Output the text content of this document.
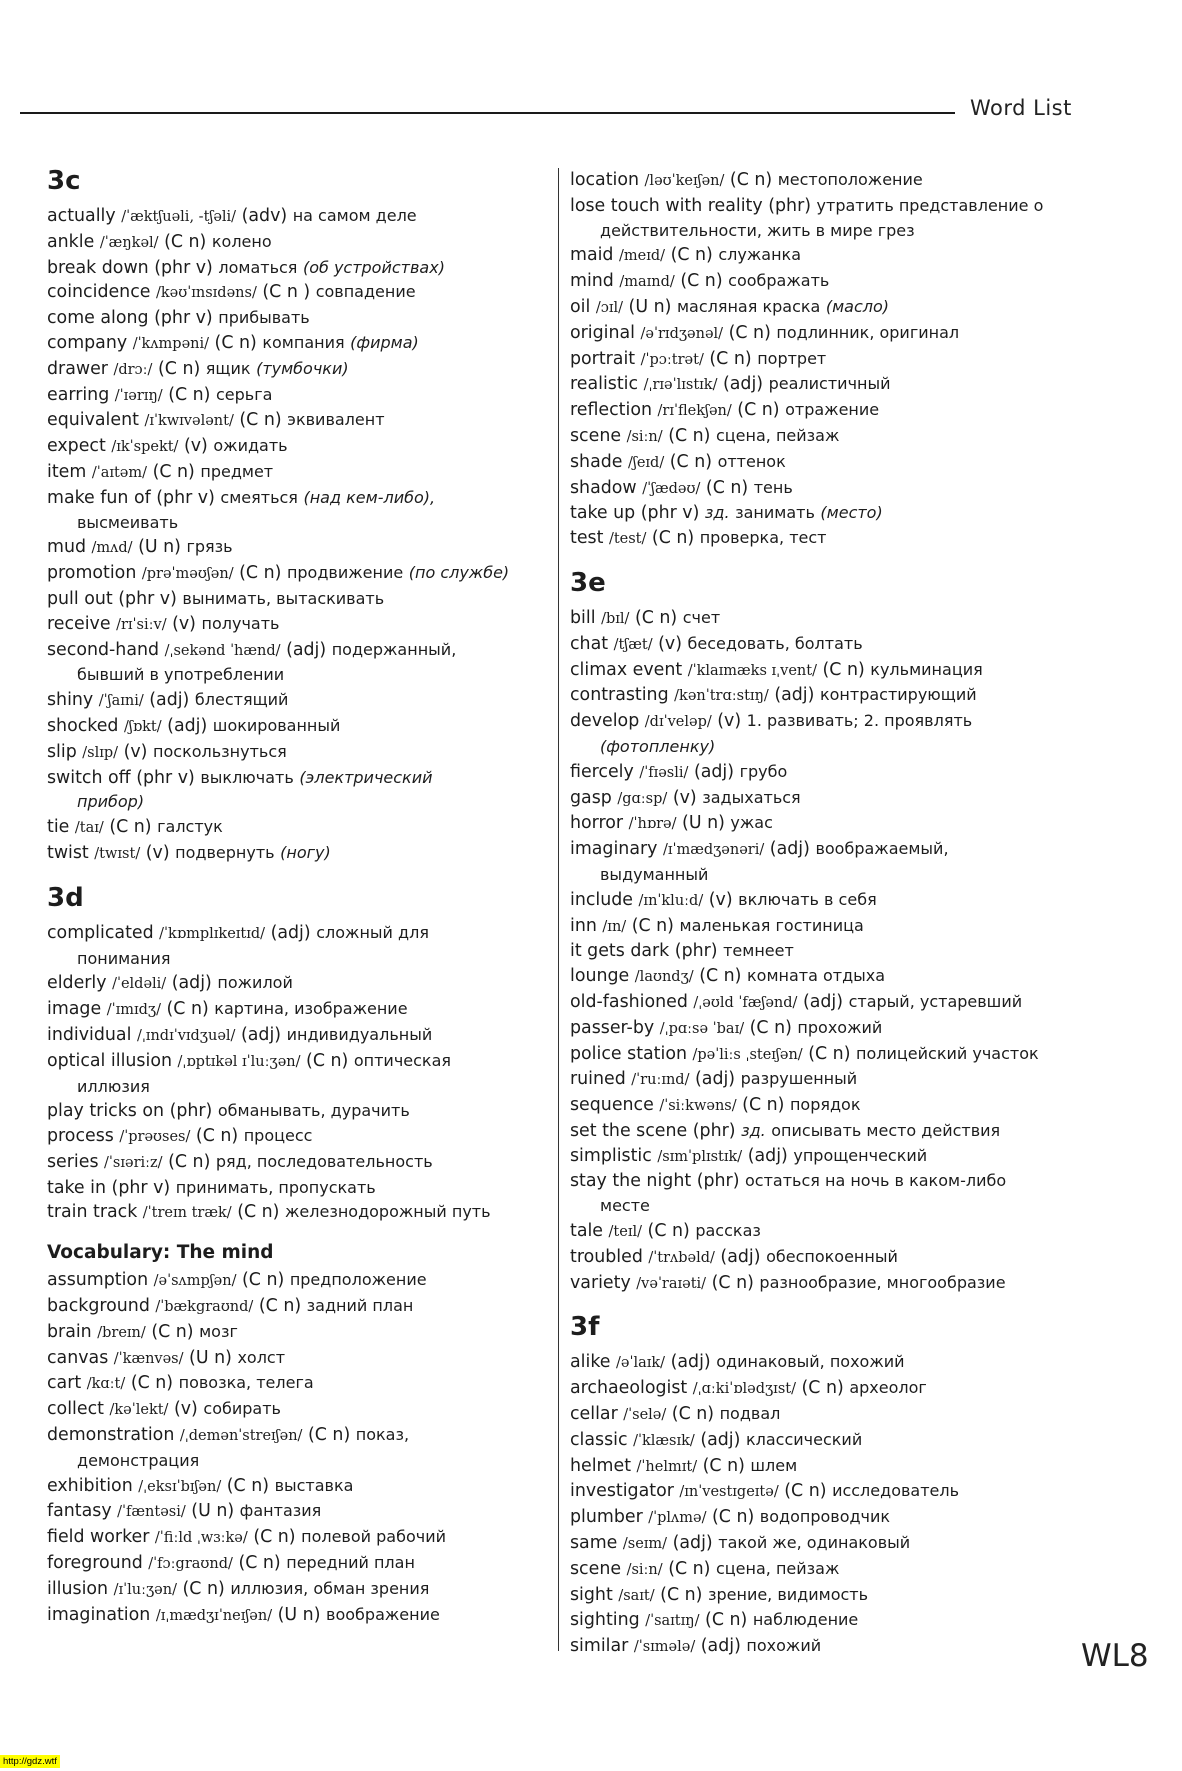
Word List
3c
actually /ˈæktʃuəli, -tʃəli/ (adv) на самом деле
ankle /ˈæŋkəl/ (C n) колено
break down (phr v) ломаться (об устройствах)
coincidence /kəʊˈɪnsɪdəns/ (C n ) совпадение
come along (phr v) прибывать
company /ˈkʌmpəni/ (C n) компания (фирма)
drawer /drɔː/ (C n) ящик (тумбочки)
earring /ˈɪərɪŋ/ (C n) серьга
equivalent /ɪˈkwɪvələnt/ (C n) эквивалент
expect /ɪkˈspekt/ (v) ожидать
item /ˈaɪtəm/ (C n) предмет
make fun of (phr v) смеяться (над кем-либо),
высмеивать
mud /mʌd/ (U n) грязь
promotion /prəˈməʊʃən/ (C n) продвижение (по службе)
pull out (phr v) вынимать, вытаскивать
receive /rɪˈsiːv/ (v) получать
second-hand /ˌsekənd ˈhænd/ (adj) подержанный,
бывший в употреблении
shiny /ˈʃaɪni/ (adj) блестящий
shocked /ʃɒkt/ (adj) шокированный
slip /slɪp/ (v) поскользнуться
switch off (phr v) выключать (электрический
прибор)
tie /taɪ/ (C n) галстук
twist /twɪst/ (v) подвернуть (ногу)
3d
complicated /ˈkɒmplɪkeɪtɪd/ (adj) сложный для
понимания
elderly /ˈeldəli/ (adj) пожилой
image /ˈɪmɪdʒ/ (C n) картина, изображение
individual /ˌɪndɪˈvɪdʒuəl/ (adj) индивидуальный
optical illusion /ˌɒptɪkəl ɪˈluːʒən/ (C n) оптическая
иллюзия
play tricks on (phr) обманывать, дурачить
process /ˈprəʊses/ (C n) процесс
series /ˈsɪəriːz/ (C n) ряд, последовательность
take in (phr v) принимать, пропускать
train track /ˈtreɪn træk/ (C n) железнодорожный путь
Vocabulary: The mind
assumption /əˈsʌmpʃən/ (C n) предположение
background /ˈbækgraʊnd/ (C n) задний план
brain /breɪn/ (C n) мозг
canvas /ˈkænvəs/ (U n) холст
cart /kɑːt/ (C n) повозка, телега
collect /kəˈlekt/ (v) собирать
demonstration /ˌdemənˈstreɪʃən/ (C n) показ,
демонстрация
exhibition /ˌeksɪˈbɪʃən/ (C n) выставка
fantasy /ˈfæntəsi/ (U n) фантазия
field worker /ˈfiːld ˌwɜːkə/ (C n) полевой рабочий
foreground /ˈfɔːgraʊnd/ (C n) передний план
illusion /ɪˈluːʒən/ (C n) иллюзия, обман зрения
imagination /ɪˌmædʒɪˈneɪʃən/ (U n) воображение
location /ləʊˈkeɪʃən/ (C n) местоположение
lose touch with reality (phr) утратить представление о
действительности, жить в мире грез
maid /meɪd/ (C n) служанка
mind /maɪnd/ (C n) соображать
oil /ɔɪl/ (U n) масляная краска (масло)
original /əˈrɪdʒənəl/ (C n) подлинник, оригинал
portrait /ˈpɔːtrət/ (C n) портрет
realistic /ˌrɪəˈlɪstɪk/ (adj) реалистичный
reflection /rɪˈflekʃən/ (C n) отражение
scene /siːn/ (C n) сцена, пейзаж
shade /ʃeɪd/ (C n) оттенок
shadow /ˈʃædəʊ/ (C n) тень
take up (phr v) зд. занимать (место)
test /test/ (C n) проверка, тест
3e
bill /bɪl/ (C n) счет
chat /tʃæt/ (v) беседовать, болтать
climax event /ˈklaɪmæks ɪˌvent/ (C n) кульминация
contrasting /kənˈtrɑːstɪŋ/ (adj) контрастирующий
develop /dɪˈveləp/ (v) 1. развивать; 2. проявлять
(фотопленку)
fiercely /ˈfɪəsli/ (adj) грубо
gasp /gɑːsp/ (v) задыхаться
horror /ˈhɒrə/ (U n) ужас
imaginary /ɪˈmædʒənəri/ (adj) воображаемый,
выдуманный
include /ɪnˈkluːd/ (v) включать в себя
inn /ɪn/ (C n) маленькая гостиница
it gets dark (phr) темнеет
lounge /laʊndʒ/ (C n) комната отдыха
old-fashioned /ˌəʊld ˈfæʃənd/ (adj) старый, устаревший
passer-by /ˌpɑːsə ˈbaɪ/ (C n) прохожий
police station /pəˈliːs ˌsteɪʃən/ (C n) полицейский участок
ruined /ˈruːɪnd/ (adj) разрушенный
sequence /ˈsiːkwəns/ (C n) порядок
set the scene (phr) зд. описывать место действия
simplistic /sɪmˈplɪstɪk/ (adj) упрощенческий
stay the night (phr) остаться на ночь в каком-либо
месте
tale /teɪl/ (C n) рассказ
troubled /ˈtrʌbəld/ (adj) обеспокоенный
variety /vəˈraɪəti/ (C n) разнообразие, многообразие
3f
alike /əˈlaɪk/ (adj) одинаковый, похожий
archaeologist /ˌɑːkiˈɒlədʒɪst/ (C n) археолог
cellar /ˈselə/ (C n) подвал
classic /ˈklæsɪk/ (adj) классический
helmet /ˈhelmɪt/ (C n) шлем
investigator /ɪnˈvestɪgeɪtə/ (C n) исследователь
plumber /ˈplʌmə/ (C n) водопроводчик
same /seɪm/ (adj) такой же, одинаковый
scene /siːn/ (C n) сцена, пейзаж
sight /saɪt/ (C n) зрение, видимость
sighting /ˈsaɪtɪŋ/ (C n) наблюдение
similar /ˈsɪmələ/ (adj) похожий	WL8
http://gdz.wtf
